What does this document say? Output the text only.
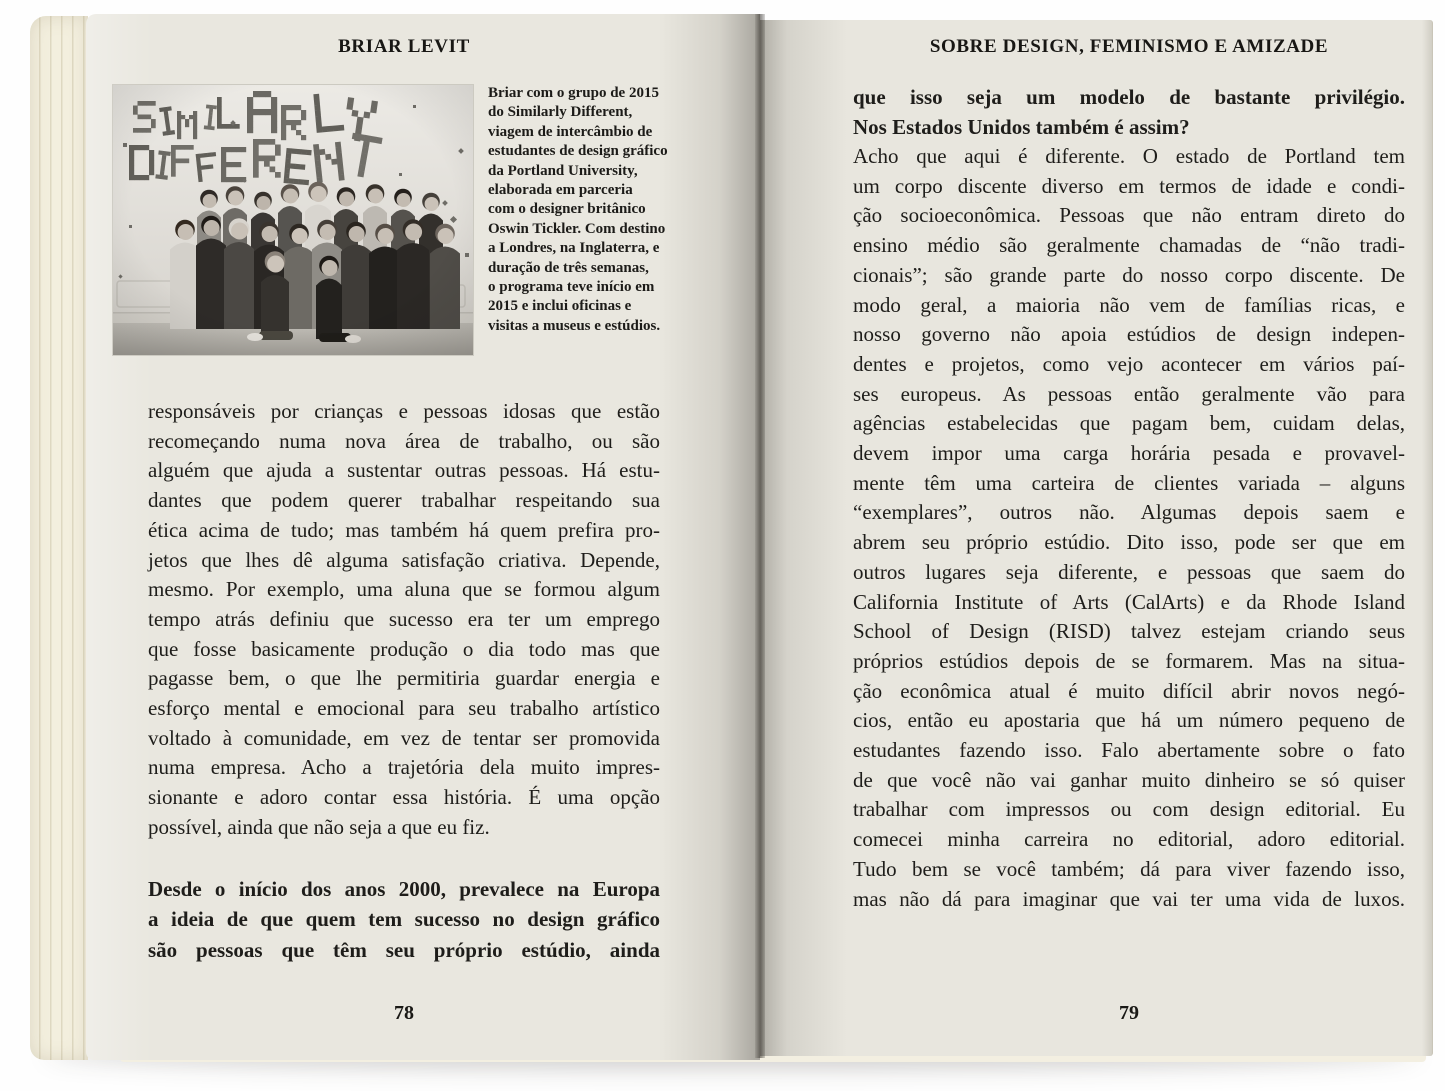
BRIAR LEVIT
Briar com o grupo de 2015
do Similarly Different,
viagem de intercâmbio de
estudantes de design gráfico
da Portland University,
elaborada em parceria
com o designer britânico
Oswin Tickler. Com destino
a Londres, na Inglaterra, e
duração de três semanas,
o programa teve início em
2015 e inclui oficinas e
visitas a museus e estúdios.
responsáveis por crianças e pessoas idosas que estão
recomeçando numa nova área de trabalho, ou são
alguém que ajuda a sustentar outras pessoas. Há estu-
dantes que podem querer trabalhar respeitando sua
ética acima de tudo; mas também há quem prefira pro-
jetos que lhes dê alguma satisfação criativa. Depende,
mesmo. Por exemplo, uma aluna que se formou algum
tempo atrás definiu que sucesso era ter um emprego
que fosse basicamente produção o dia todo mas que
pagasse bem, o que lhe permitiria guardar energia e
esforço mental e emocional para seu trabalho artístico
voltado à comunidade, em vez de tentar ser promovida
numa empresa. Acho a trajetória dela muito impres-
sionante e adoro contar essa história. É uma opção
possível, ainda que não seja a que eu fiz.
Desde o início dos anos 2000, prevalece na Europa
a ideia de que quem tem sucesso no design gráfico
são pessoas que têm seu próprio estúdio, ainda
78
SOBRE DESIGN, FEMINISMO E AMIZADE
que isso seja um modelo de bastante privilégio.
Nos Estados Unidos também é assim?
Acho que aqui é diferente. O estado de Portland tem
um corpo discente diverso em termos de idade e condi-
ção socioeconômica. Pessoas que não entram direto do
ensino médio são geralmente chamadas de “não tradi-
cionais”; são grande parte do nosso corpo discente. De
modo geral, a maioria não vem de famílias ricas, e
nosso governo não apoia estúdios de design indepen-
dentes e projetos, como vejo acontecer em vários paí-
ses europeus. As pessoas então geralmente vão para
agências estabelecidas que pagam bem, cuidam delas,
devem impor uma carga horária pesada e provavel-
mente têm uma carteira de clientes variada – alguns
“exemplares”, outros não. Algumas depois saem e
abrem seu próprio estúdio. Dito isso, pode ser que em
outros lugares seja diferente, e pessoas que saem do
California Institute of Arts (CalArts) e da Rhode Island
School of Design (RISD) talvez estejam criando seus
próprios estúdios depois de se formarem. Mas na situa-
ção econômica atual é muito difícil abrir novos negó-
cios, então eu apostaria que há um número pequeno de
estudantes fazendo isso. Falo abertamente sobre o fato
de que você não vai ganhar muito dinheiro se só quiser
trabalhar com impressos ou com design editorial. Eu
comecei minha carreira no editorial, adoro editorial.
Tudo bem se você também; dá para viver fazendo isso,
mas não dá para imaginar que vai ter uma vida de luxos.
79
